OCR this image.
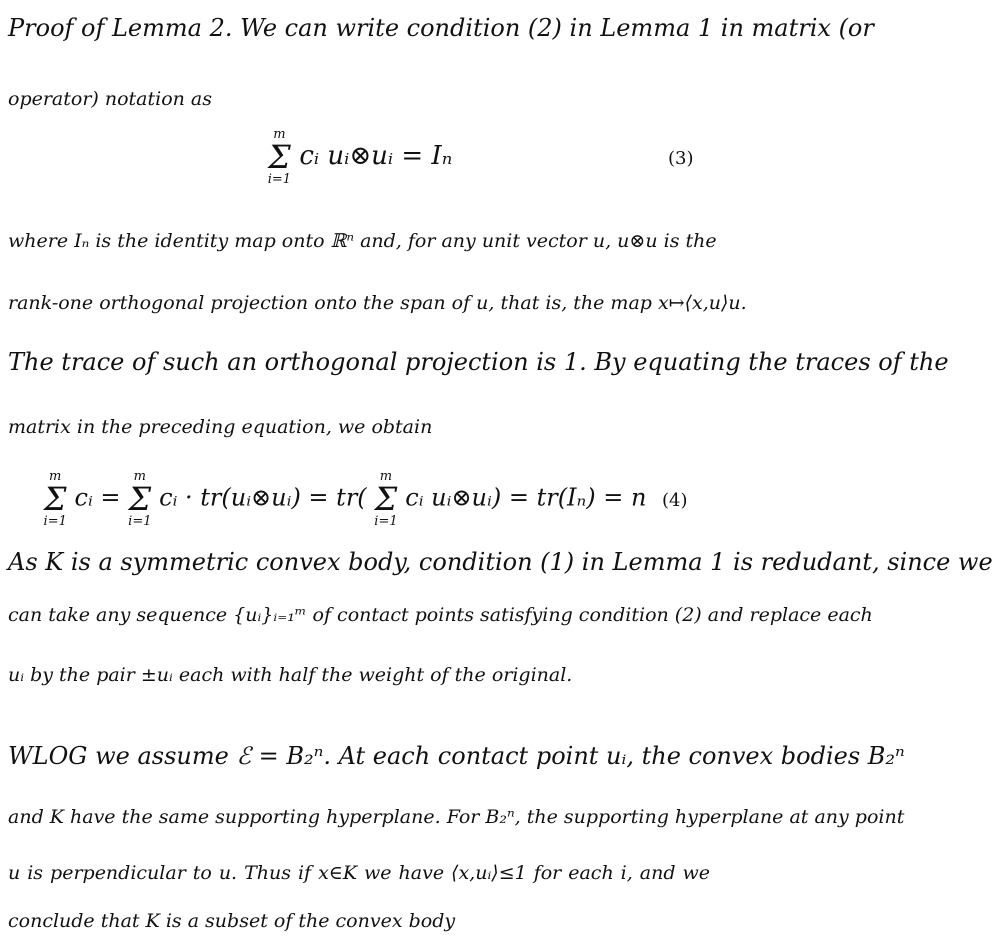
Proof of Lemma 2. We can write condition (2) in Lemma 1 in matrix (or
operator) notation as
m
Σ
i=1
cᵢ uᵢ⊗uᵢ = Iₙ	(3)
where Iₙ is the identity map onto ℝⁿ and, for any unit vector u, u⊗u is the
rank-one orthogonal projection onto the span of u, that is, the map x↦⟨x,u⟩u.
The trace of such an orthogonal projection is 1. By equating the traces of the
matrix in the preceding equation, we obtain
m
Σ
i=1
cᵢ =
m
Σ
i=1
cᵢ · tr(uᵢ⊗uᵢ) = tr(
m
Σ
i=1
cᵢ uᵢ⊗uᵢ) = tr(Iₙ) = n (4)
As K is a symmetric convex body, condition (1) in Lemma 1 is redudant, since we
can take any sequence {uᵢ}ᵢ₌₁ᵐ of contact points satisfying condition (2) and replace each
uᵢ by the pair ±uᵢ each with half the weight of the original.
WLOG we assume ℰ = B₂ⁿ. At each contact point uᵢ, the convex bodies B₂ⁿ
and K have the same supporting hyperplane. For B₂ⁿ, the supporting hyperplane at any point
u is perpendicular to u. Thus if x∈K we have ⟨x,uᵢ⟩≤1 for each i, and we
conclude that K is a subset of the convex body
